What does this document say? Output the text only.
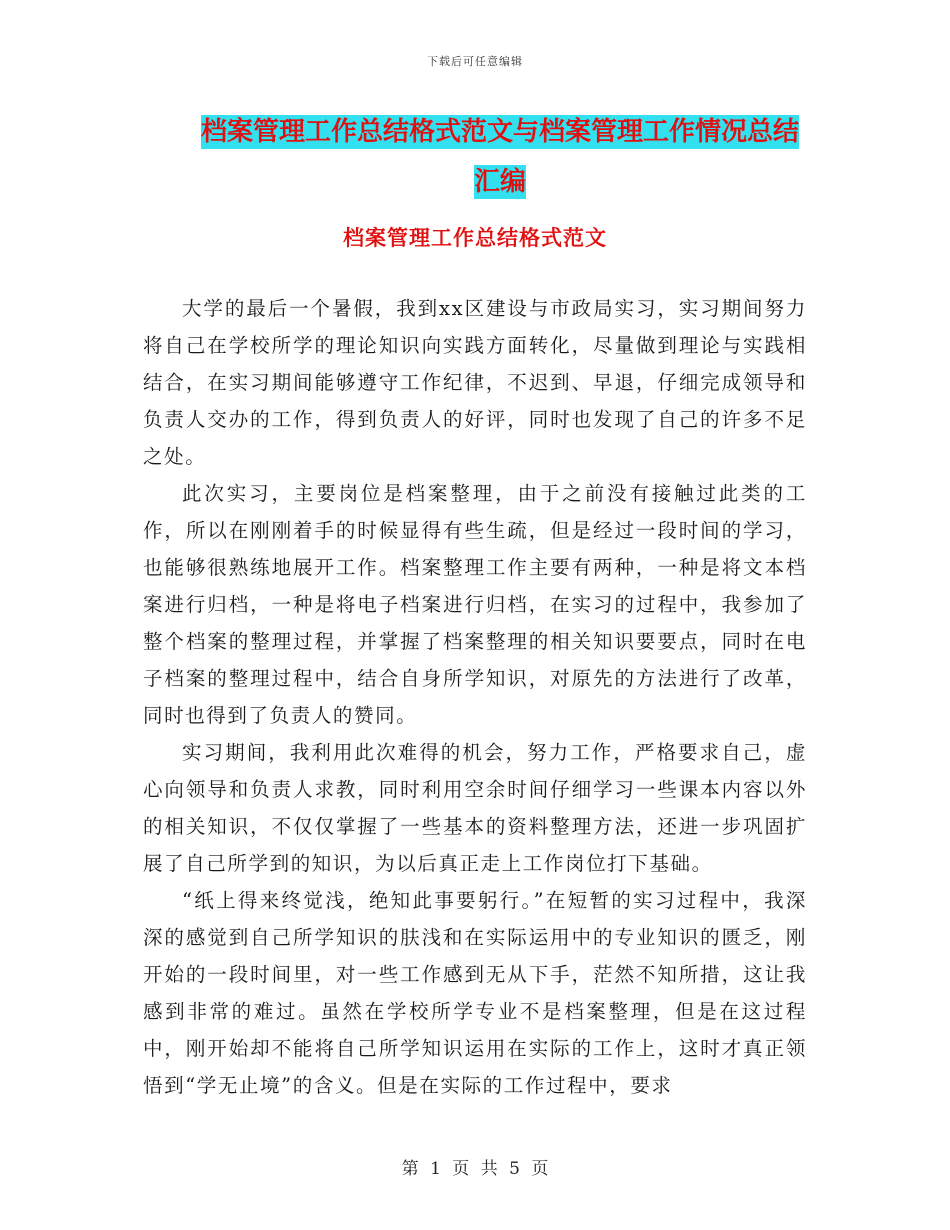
下载后可任意编辑
档案管理工作总结格式范文与档案管理工作情况总结汇编
档案管理工作总结格式范文

大学的最后一个暑假，我到xx区建设与市政局实习，实习期间努力将自己在学校所学的理论知识向实践方面转化，尽量做到理论与实践相结合，在实习期间能够遵守工作纪律，不迟到、早退，仔细完成领导和负责人交办的工作，得到负责人的好评，同时也发现了自己的许多不足之处。

此次实习，主要岗位是档案整理，由于之前没有接触过此类的工作，所以在刚刚着手的时候显得有些生疏，但是经过一段时间的学习，也能够很熟练地展开工作。档案整理工作主要有两种，一种是将文本档案进行归档，一种是将电子档案进行归档，在实习的过程中，我参加了整个档案的整理过程，并掌握了档案整理的相关知识要要点，同时在电子档案的整理过程中，结合自身所学知识，对原先的方法进行了改革，同时也得到了负责人的赞同。

实习期间，我利用此次难得的机会，努力工作，严格要求自己，虚心向领导和负责人求教，同时利用空余时间仔细学习一些课本内容以外的相关知识，不仅仅掌握了一些基本的资料整理方法，还进一步巩固扩展了自己所学到的知识，为以后真正走上工作岗位打下基础。

“纸上得来终觉浅，绝知此事要躬行。”在短暂的实习过程中，我深深的感觉到自己所学知识的肤浅和在实际运用中的专业知识的匮乏，刚开始的一段时间里，对一些工作感到无从下手，茫然不知所措，这让我感到非常的难过。虽然在学校所学专业不是档案整理，但是在这过程中，刚开始却不能将自己所学知识运用在实际的工作上，这时才真正领悟到“学无止境”的含义。但是在实际的工作过程中，要求

第 1 页 共 5 页
